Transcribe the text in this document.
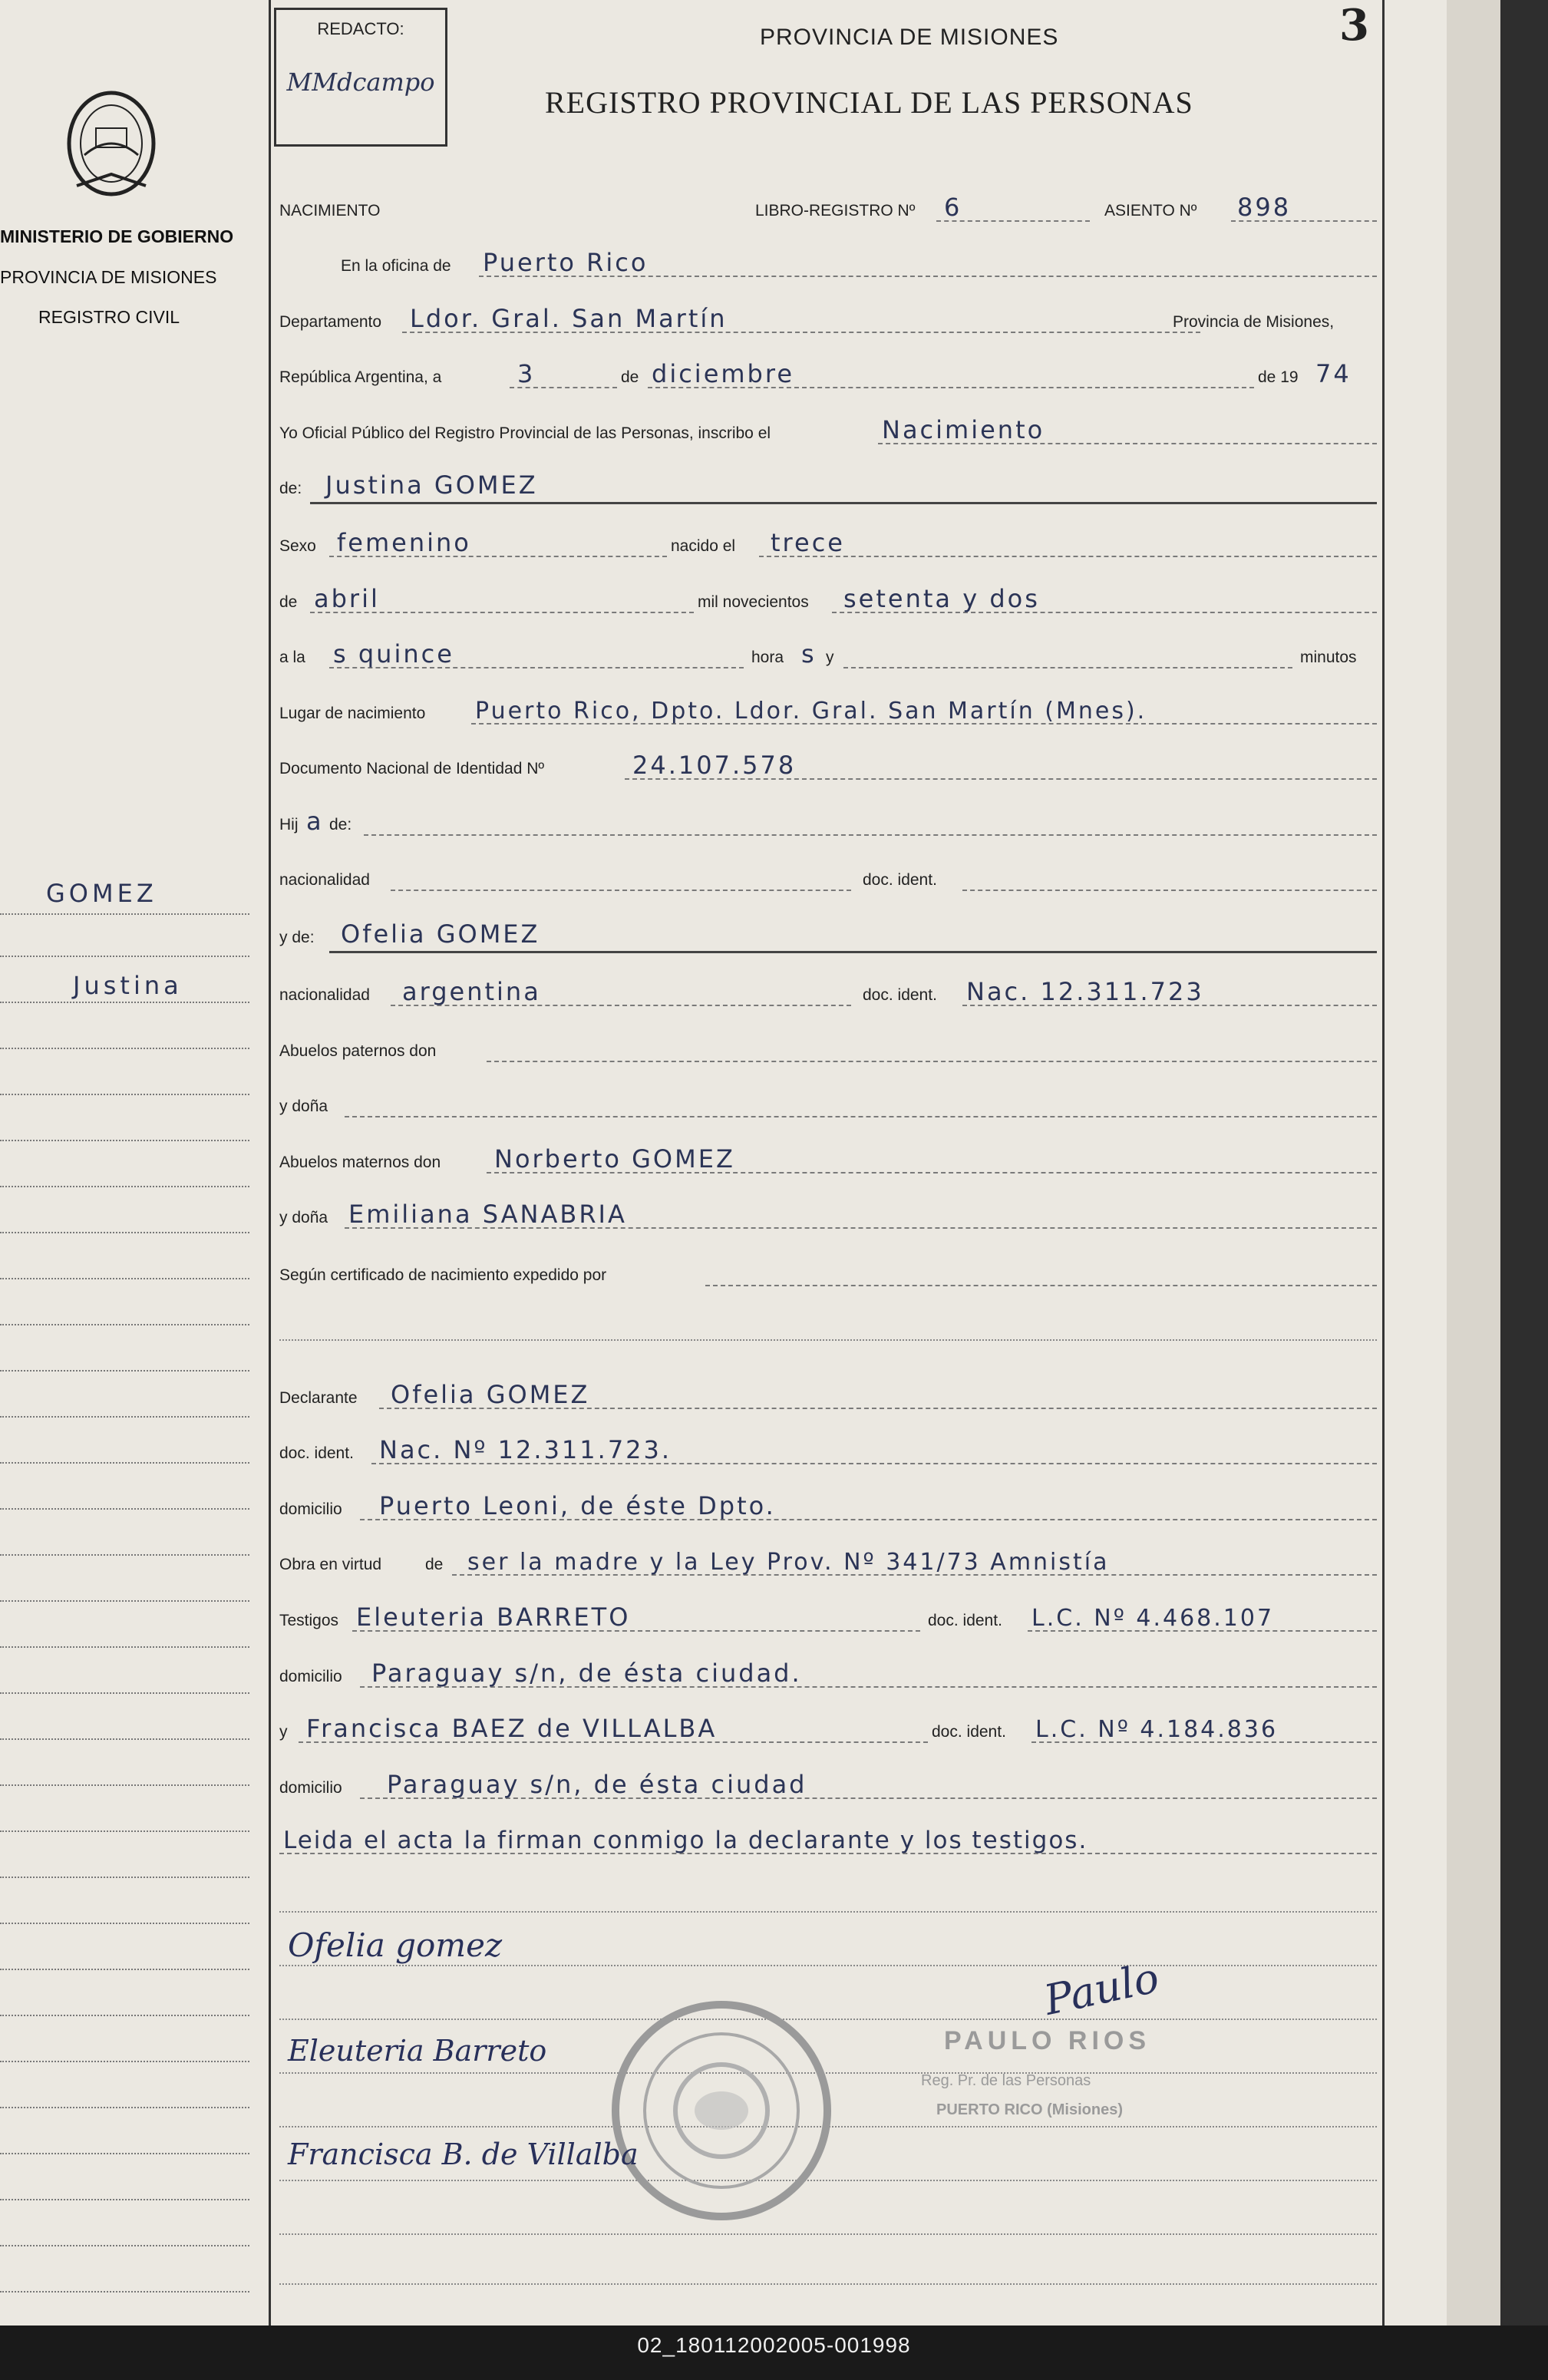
02_180112002005-001998
MINISTERIO DE GOBIERNO
PROVINCIA DE MISIONES
REGISTRO CIVIL
GOMEZ
Justina
REDACTO:
MMdcampo
3
PROVINCIA DE MISIONES
REGISTRO PROVINCIAL DE LAS PERSONAS
NACIMIENTO	LIBRO-REGISTRO Nº 6	ASIENTO Nº 898
En la oficina de Puerto Rico
Departamento Ldor. Gral. San Martín	Provincia de Misiones,
República Argentina, a	3	de diciembre	de 19 74
Yo Oficial Público del Registro Provincial de las Personas, inscribo el	Nacimiento
de: Justina GOMEZ
Sexo femenino	nacido el trece
de abril	mil novecientos setenta y dos
a la s quince	hora s y	minutos
Lugar de nacimiento Puerto Rico, Dpto. Ldor. Gral. San Martín (Mnes).
Documento Nacional de Identidad Nº	24.107.578
Hij a de:
nacionalidad	doc. ident.
y de: Ofelia GOMEZ
nacionalidad argentina	doc. ident. Nac. 12.311.723
Abuelos paternos don
y doña
Abuelos maternos don Norberto GOMEZ
y doña Emiliana SANABRIA
Según certificado de nacimiento expedido por
Declarante Ofelia GOMEZ
doc. ident. Nac. Nº 12.311.723.
domicilio Puerto Leoni, de éste Dpto.
Obra en virtud	de ser la madre y la Ley Prov. Nº 341/73 Amnistía
Testigos Eleuteria BARRETO	doc. ident. L.C. Nº 4.468.107
domicilio Paraguay s/n, de ésta ciudad.
y Francisca BAEZ de VILLALBA	doc. ident. L.C. Nº 4.184.836
domicilio Paraguay s/n, de ésta ciudad
Leida el acta la firman conmigo la declarante y los testigos.
PAULO RIOS
Reg. Pr. de las Personas
PUERTO RICO (Misiones)
Ofelia gomez
Eleuteria Barreto
Francisca B. de Villalba
Paulo
